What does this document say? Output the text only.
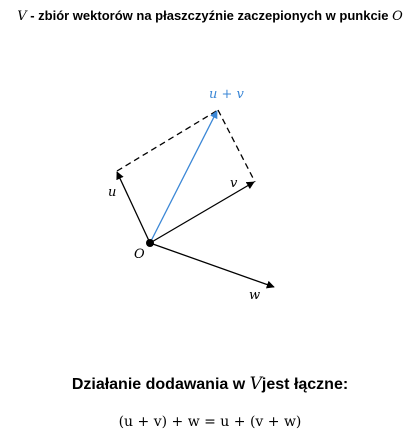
V - zbiór wektorów na płaszczyźnie zaczepionych w punkcie O
O
u
v
w
u + v
Działanie dodawania w Vjest łączne:
(u + v) + w = u + (v + w)
